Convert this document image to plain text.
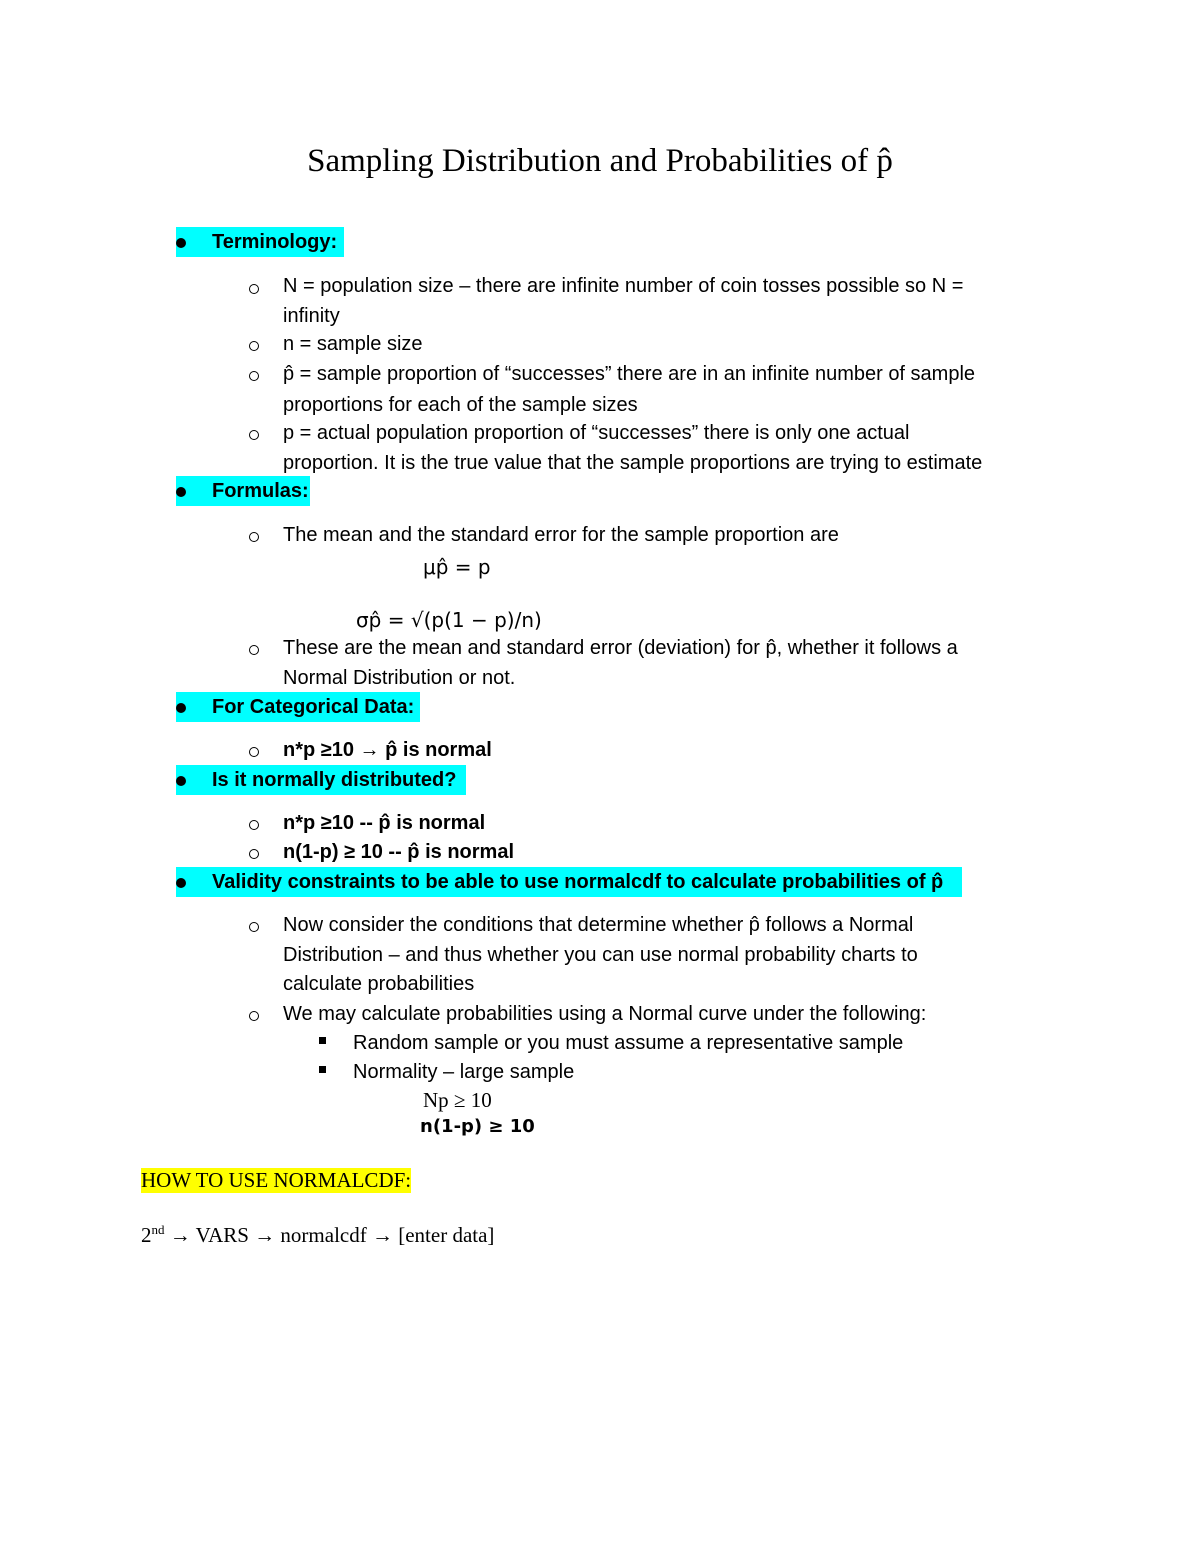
Sampling Distribution and Probabilities of p̂
Terminology:
N = population size – there are infinite number of coin tosses possible so N =
infinity
n = sample size
p̂ = sample proportion of “successes” there are in an infinite number of sample
proportions for each of the sample sizes
p = actual population proportion of “successes” there is only one actual
proportion. It is the true value that the sample proportions are trying to estimate
Formulas:
The mean and the standard error for the sample proportion are
μp̂ = p
σp̂ = √(p(1 − p)/n)
These are the mean and standard error (deviation) for p̂, whether it follows a
Normal Distribution or not.
For Categorical Data:
n*p ≥10 → p̂ is normal
Is it normally distributed?
n*p ≥10 -- p̂ is normal
n(1-p) ≥ 10 -- p̂ is normal
Validity constraints to be able to use normalcdf to calculate probabilities of p̂
Now consider the conditions that determine whether p̂ follows a Normal
Distribution – and thus whether you can use normal probability charts to
calculate probabilities
We may calculate probabilities using a Normal curve under the following:
Random sample or you must assume a representative sample
Normality – large sample
Np ≥ 10
n(1-p) ≥ 10
HOW TO USE NORMALCDF:
2nd → VARS → normalcdf → [enter data]
